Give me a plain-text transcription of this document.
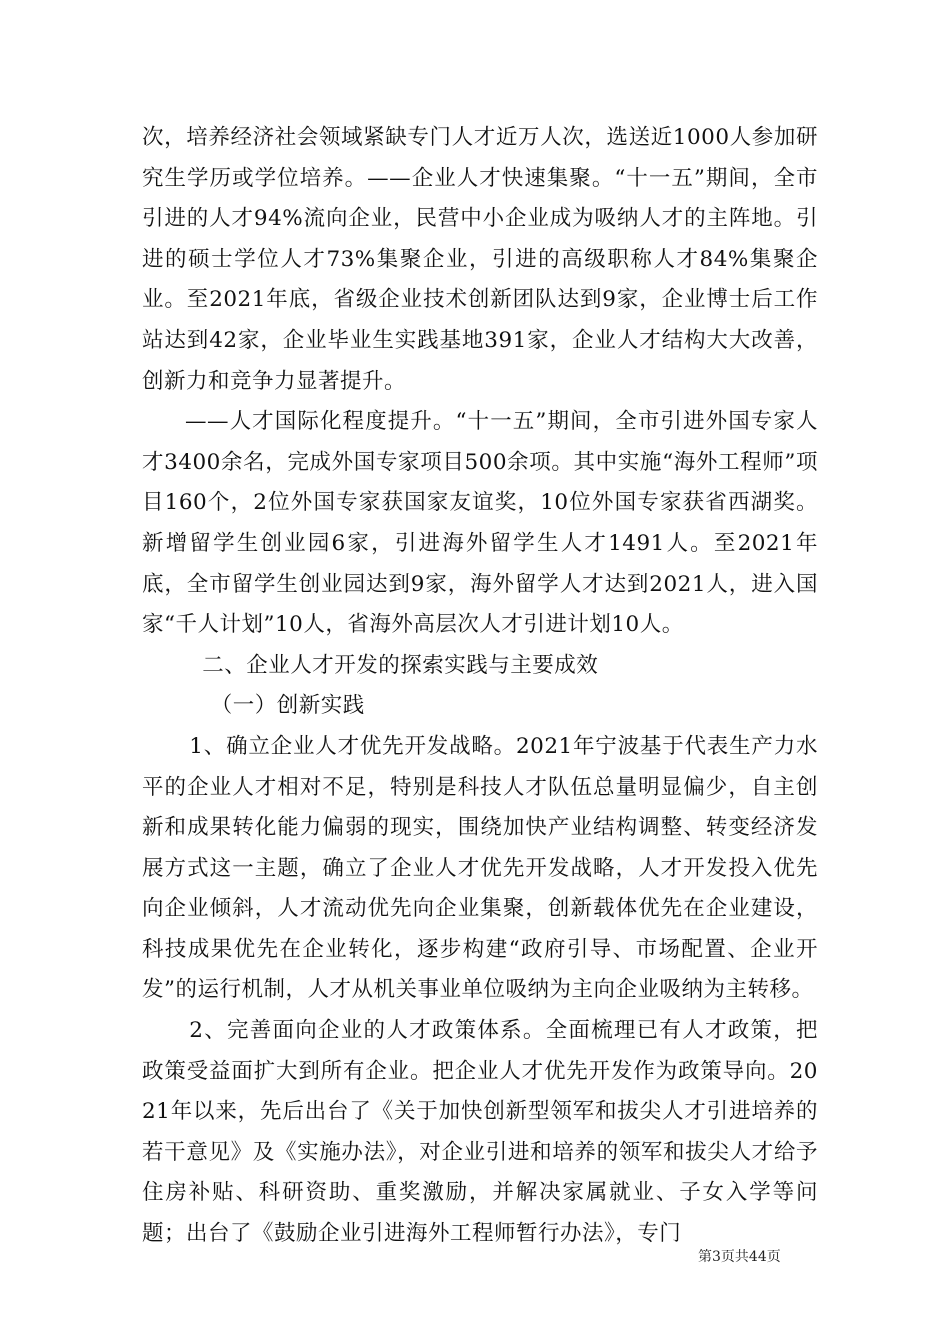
次，培养经济社会领域紧缺专门人才近万人次，选送近1000人参加研究生学历或学位培养。——企业人才快速集聚。“十一五”期间，全市引进的人才94%流向企业，民营中小企业成为吸纳人才的主阵地。引进的硕士学位人才73%集聚企业，引进的高级职称人才84%集聚企业。至2021年底，省级企业技术创新团队达到9家，企业博士后工作站达到42家，企业毕业生实践基地391家，企业人才结构大大改善，创新力和竞争力显著提升。

——人才国际化程度提升。“十一五”期间，全市引进外国专家人才3400余名，完成外国专家项目500余项。其中实施“海外工程师”项目160个，2位外国专家获国家友谊奖，10位外国专家获省西湖奖。新增留学生创业园6家，引进海外留学生人才1491人。至2021年底，全市留学生创业园达到9家，海外留学人才达到2021人，进入国家“千人计划”10人，省海外高层次人才引进计划10人。

二、企业人才开发的探索实践与主要成效

（一）创新实践

1、确立企业人才优先开发战略。2021年宁波基于代表生产力水平的企业人才相对不足，特别是科技人才队伍总量明显偏少，自主创新和成果转化能力偏弱的现实，围绕加快产业结构调整、转变经济发展方式这一主题，确立了企业人才优先开发战略，人才开发投入优先向企业倾斜，人才流动优先向企业集聚，创新载体优先在企业建设，科技成果优先在企业转化，逐步构建“政府引导、市场配置、企业开发”的运行机制，人才从机关事业单位吸纳为主向企业吸纳为主转移。

2、完善面向企业的人才政策体系。全面梳理已有人才政策，把政策受益面扩大到所有企业。把企业人才优先开发作为政策导向。2021年以来，先后出台了《关于加快创新型领军和拔尖人才引进培养的若干意见》及《实施办法》，对企业引进和培养的领军和拔尖人才给予住房补贴、科研资助、重奖激励，并解决家属就业、子女入学等问题；出台了《鼓励企业引进海外工程师暂行办法》，专门

第3页共44页
